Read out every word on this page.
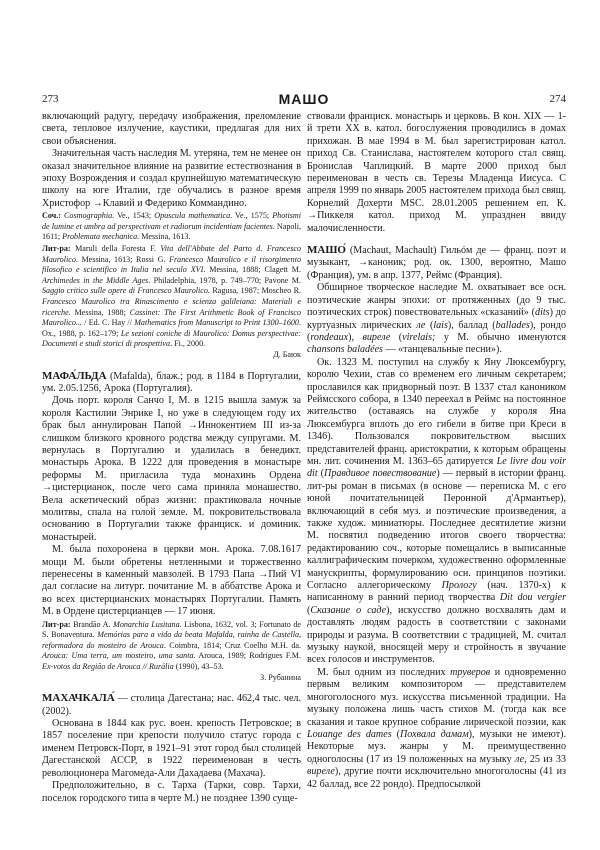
273	МАШО	274

включающий радугу, передачу изображения, преломление света, тепловое излучение, каустики, предлагая для них свои объяснения.

Значительная часть наследия М. утеряна, тем не менее он оказал значительное влияние на развитие естествознания в эпоху Возрождения и создал крупнейшую математическую школу на юге Италии, где обучались в разное время Христофор →Клавий и Федерико Коммандино.

Соч.: Cosmographia. Ve., 1543; Opuscula mathematica. Ve., 1575; Photismi de lumine et umbra ad perspectivam et radiorum incidentiam facientes. Napoli, 1611; Problemata mechanica. Messina, 1613.

Лит-ра: Maruli della Foresta F. Vita dell'Abbate del Parto d. Francesco Maurolico. Messina, 1613; Rossi G. Francesco Maurolico e il risorgimento filosofico e scientifico in Italia nel seculo XVI. Messina, 1888; Clagett M. Archimedes in the Middle Ages. Philadelphia, 1978, p. 749–770; Pavone M. Saggio critico sulle opere di Francesco Maurolico. Ragusa, 1987; Moscheo R. Francesco Maurolico tra Rinascimento e scienza galileiana: Materiali e ricerche. Messina, 1988; Cassinet: The First Arithmetic Book of Francisco Maurolico... / Ed. C. Hay // Mathematics from Manuscript to Print 1300–1600. Ox., 1988, p. 162–179; Le sezioni coniche di Maurolico: Domus perspectivae: Documenti e studi storici di prospettiva. Fi., 2000.

Д. Баюк

МАФА́ЛЬДА (Mafalda), блаж.; род. в 1184 в Португалии, ум. 2.05.1256, Арока (Португалия).

Дочь порт. короля Санчо I, М. в 1215 вышла замуж за короля Кастилии Энрике I, но уже в следующем году их брак был аннулирован Папой →Иннокентием III из-за слишком близкого кровного родства между супругами. М. вернулась в Португалию и удалилась в бенедикт. монастырь Арока. В 1222 для проведения в монастыре реформы М. пригласила туда монахинь Ордена →цистерцианок, после чего сама приняла монашество. Вела аскетический образ жизни: практиковала ночные молитвы, спала на голой земле. М. покровительствовала основанию в Португалии также франциск. и доминик. монастырей.

М. была похоронена в церкви мон. Арока. 7.08.1617 мощи М. были обретены нетленными и торжественно перенесены в каменный мавзолей. В 1793 Папа →Пий VI дал согласие на литург. почитание М. в аббатстве Арока и во всех цистерцианских монастырях Португалии. Память М. в Ордене цистерцианцев — 17 июня.

Лит-ра: Brandão A. Monarchia Lusitana. Lisbona, 1632, vol. 3; Fortunato de S. Bonaventura. Memórias para a vida da beata Mafalda, rainha de Castella, reformadora do mosteiro de Arouca. Coimbra, 1814; Cruz Coelho M.H. da. Arouca: Uma terra, um mosteiro, uma santa. Arouca, 1989; Rodrigues F.M. Ex-votos da Região de Arouca // Rurália (1990), 43–53.

З. Рубанина

МАХАЧКАЛА́ — столица Дагестана; нас. 462,4 тыс. чел. (2002).

Основана в 1844 как рус. воен. крепость Петровское; в 1857 поселение при крепости получило статус города с именем Петровск-Порт, в 1921–91 этот город был столицей Дагестанской АССР, в 1922 переименован в честь революционера Магомеда-Али Дахадаева (Махача).

Предположительно, в с. Тарха (Тарки, совр. Тархи, поселок городского типа в черте М.) не позднее 1390 суще-

ствовали франциск. монастырь и церковь. В кон. XIX — 1-й трети XX в. катол. богослужения проводились в домах прихожан. В мае 1994 в М. был зарегистрирован катол. приход Св. Станислава, настоятелем которого стал свящ. Бронислав Чаплицкий. В марте 2000 приход был переименован в честь св. Терезы Младенца Иисуса. С апреля 1999 по январь 2005 настоятелем прихода был свящ. Корнелий Дохерти MSC. 28.01.2005 решением еп. К. →Пиккеля катол. приход М. упразднен ввиду малочисленности.

МАШО́ (Machaut, Machault) Гильóм де — франц. поэт и музыкант, →каноник; род. ок. 1300, вероятно, Машо (Франция), ум. в апр. 1377, Реймс (Франция).

Обширное творческое наследие М. охватывает все осн. поэтические жанры эпохи: от протяженных (до 9 тыс. поэтических строк) повествовательных «сказаний» (dits) до куртуазных лирических ле (lais), баллад (ballades), рондо (rondeaux), виреле (virelais; у М. обычно именуются chansons baladées — «танцевальные песни»).

Ок. 1323 М. поступил на службу к Яну Люксембургу, королю Чехии, став со временем его личным секретарем; прославился как придворный поэт. В 1337 стал каноником Реймсского собора, в 1340 переехал в Реймс на постоянное жительство (оставаясь на службе у короля Яна Люксембурга вплоть до его гибели в битве при Креси в 1346). Пользовался покровительством высших представителей франц. аристократии, к которым обращены мн. лит. сочинения М. 1363–65 датируется Le livre dou voir dit (Правдивое повествование) — первый в истории франц. лит-ры роман в письмах (в основе — переписка М. с его юной почитательницей Перонной д'Армантьер), включающий в себя муз. и поэтические произведения, а также худож. миниатюры. Последнее десятилетие жизни М. посвятил подведению итогов своего творчества: редактированию соч., которые помещались в выписанные каллиграфическим почерком, художественно оформленные манускрипты, формулированию осн. принципов поэтики. Согласно аллегорическому Прологу (нач. 1370-х) к написанному в ранний период творчества Dit dou vergier (Сказание о саде), искусство должно восхвалять дам и доставлять людям радость в соответствии с законами природы и разума. В соответствии с традицией, М. считал музыку наукой, вносящей меру и стройность в звучание всех голосов и инструментов.

М. был одним из последних труверов и одновременно первым великим композитором — представителем многоголосного муз. искусства письменной традиции. На музыку положена лишь часть стихов М. (тогда как все сказания и такое крупное собрание лирической поэзии, как Louange des dames (Похвала дамам), музыки не имеют). Некоторые муз. жанры у М. преимущественно одноголосны (17 из 19 положенных на музыку ле, 25 из 33 виреле), другие почти исключительно многоголосны (41 из 42 баллад, все 22 рондо). Предпосылкой
